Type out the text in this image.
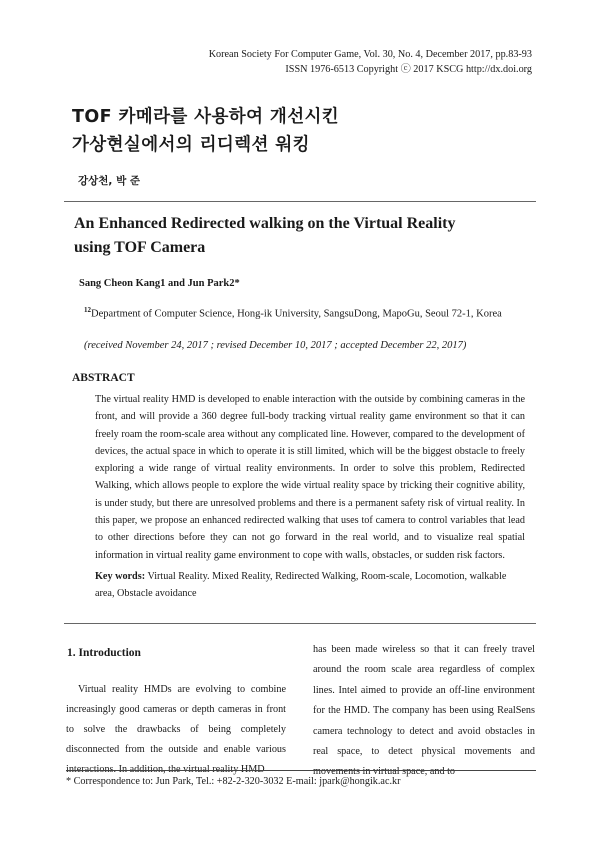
Korean Society For Computer Game, Vol. 30, No. 4, December 2017, pp.83-93
ISSN 1976-6513 Copyright ⓒ 2017 KSCG http://dx.doi.org
TOF 카메라를 사용하여 개선시킨
가상현실에서의 리디렉션 워킹
강상천, 박 준
An Enhanced Redirected walking on the Virtual Reality
using TOF Camera
Sang Cheon Kang1 and Jun Park2*
$^{12}$Department of Computer Science, Hong-ik University, SangsuDong, MapoGu, Seoul 72-1, Korea
(received November 24, 2017 ; revised December 10, 2017 ; accepted December 22, 2017)
ABSTRACT
The virtual reality HMD is developed to enable interaction with the outside by combining cameras in the front, and will provide a 360 degree full-body tracking virtual reality game environment so that it can freely roam the room-scale area without any complicated line. However, compared to the development of devices, the actual space in which to operate it is still limited, which will be the biggest obstacle to freely exploring a wide range of virtual reality environments. In order to solve this problem, Redirected Walking, which allows people to explore the wide virtual reality space by tricking their cognitive ability, is under study, but there are unresolved problems and there is a permanent safety risk of virtual reality. In this paper, we propose an enhanced redirected walking that uses tof camera to control variables that lead to other directions before they can not go forward in the real world, and to visualize real spatial information in virtual reality game environment to cope with walls, obstacles, or sudden risk factors.
Key words: Virtual Reality. Mixed Reality, Redirected Walking, Room-scale, Locomotion, walkable area, Obstacle avoidance
1. Introduction
Virtual reality HMDs are evolving to combine increasingly good cameras or depth cameras in front to solve the drawbacks of being completely disconnected from the outside and enable various interactions. In addition, the virtual reality HMD
has been made wireless so that it can freely travel around the room scale area regardless of complex lines. Intel aimed to provide an off-line environment for the HMD. The company has been using RealSens camera technology to detect and avoid obstacles in real space, to detect physical movements and movements in virtual space, and to
* Correspondence to: Jun Park, Tel.: +82-2-320-3032 E-mail: jpark@hongik.ac.kr
